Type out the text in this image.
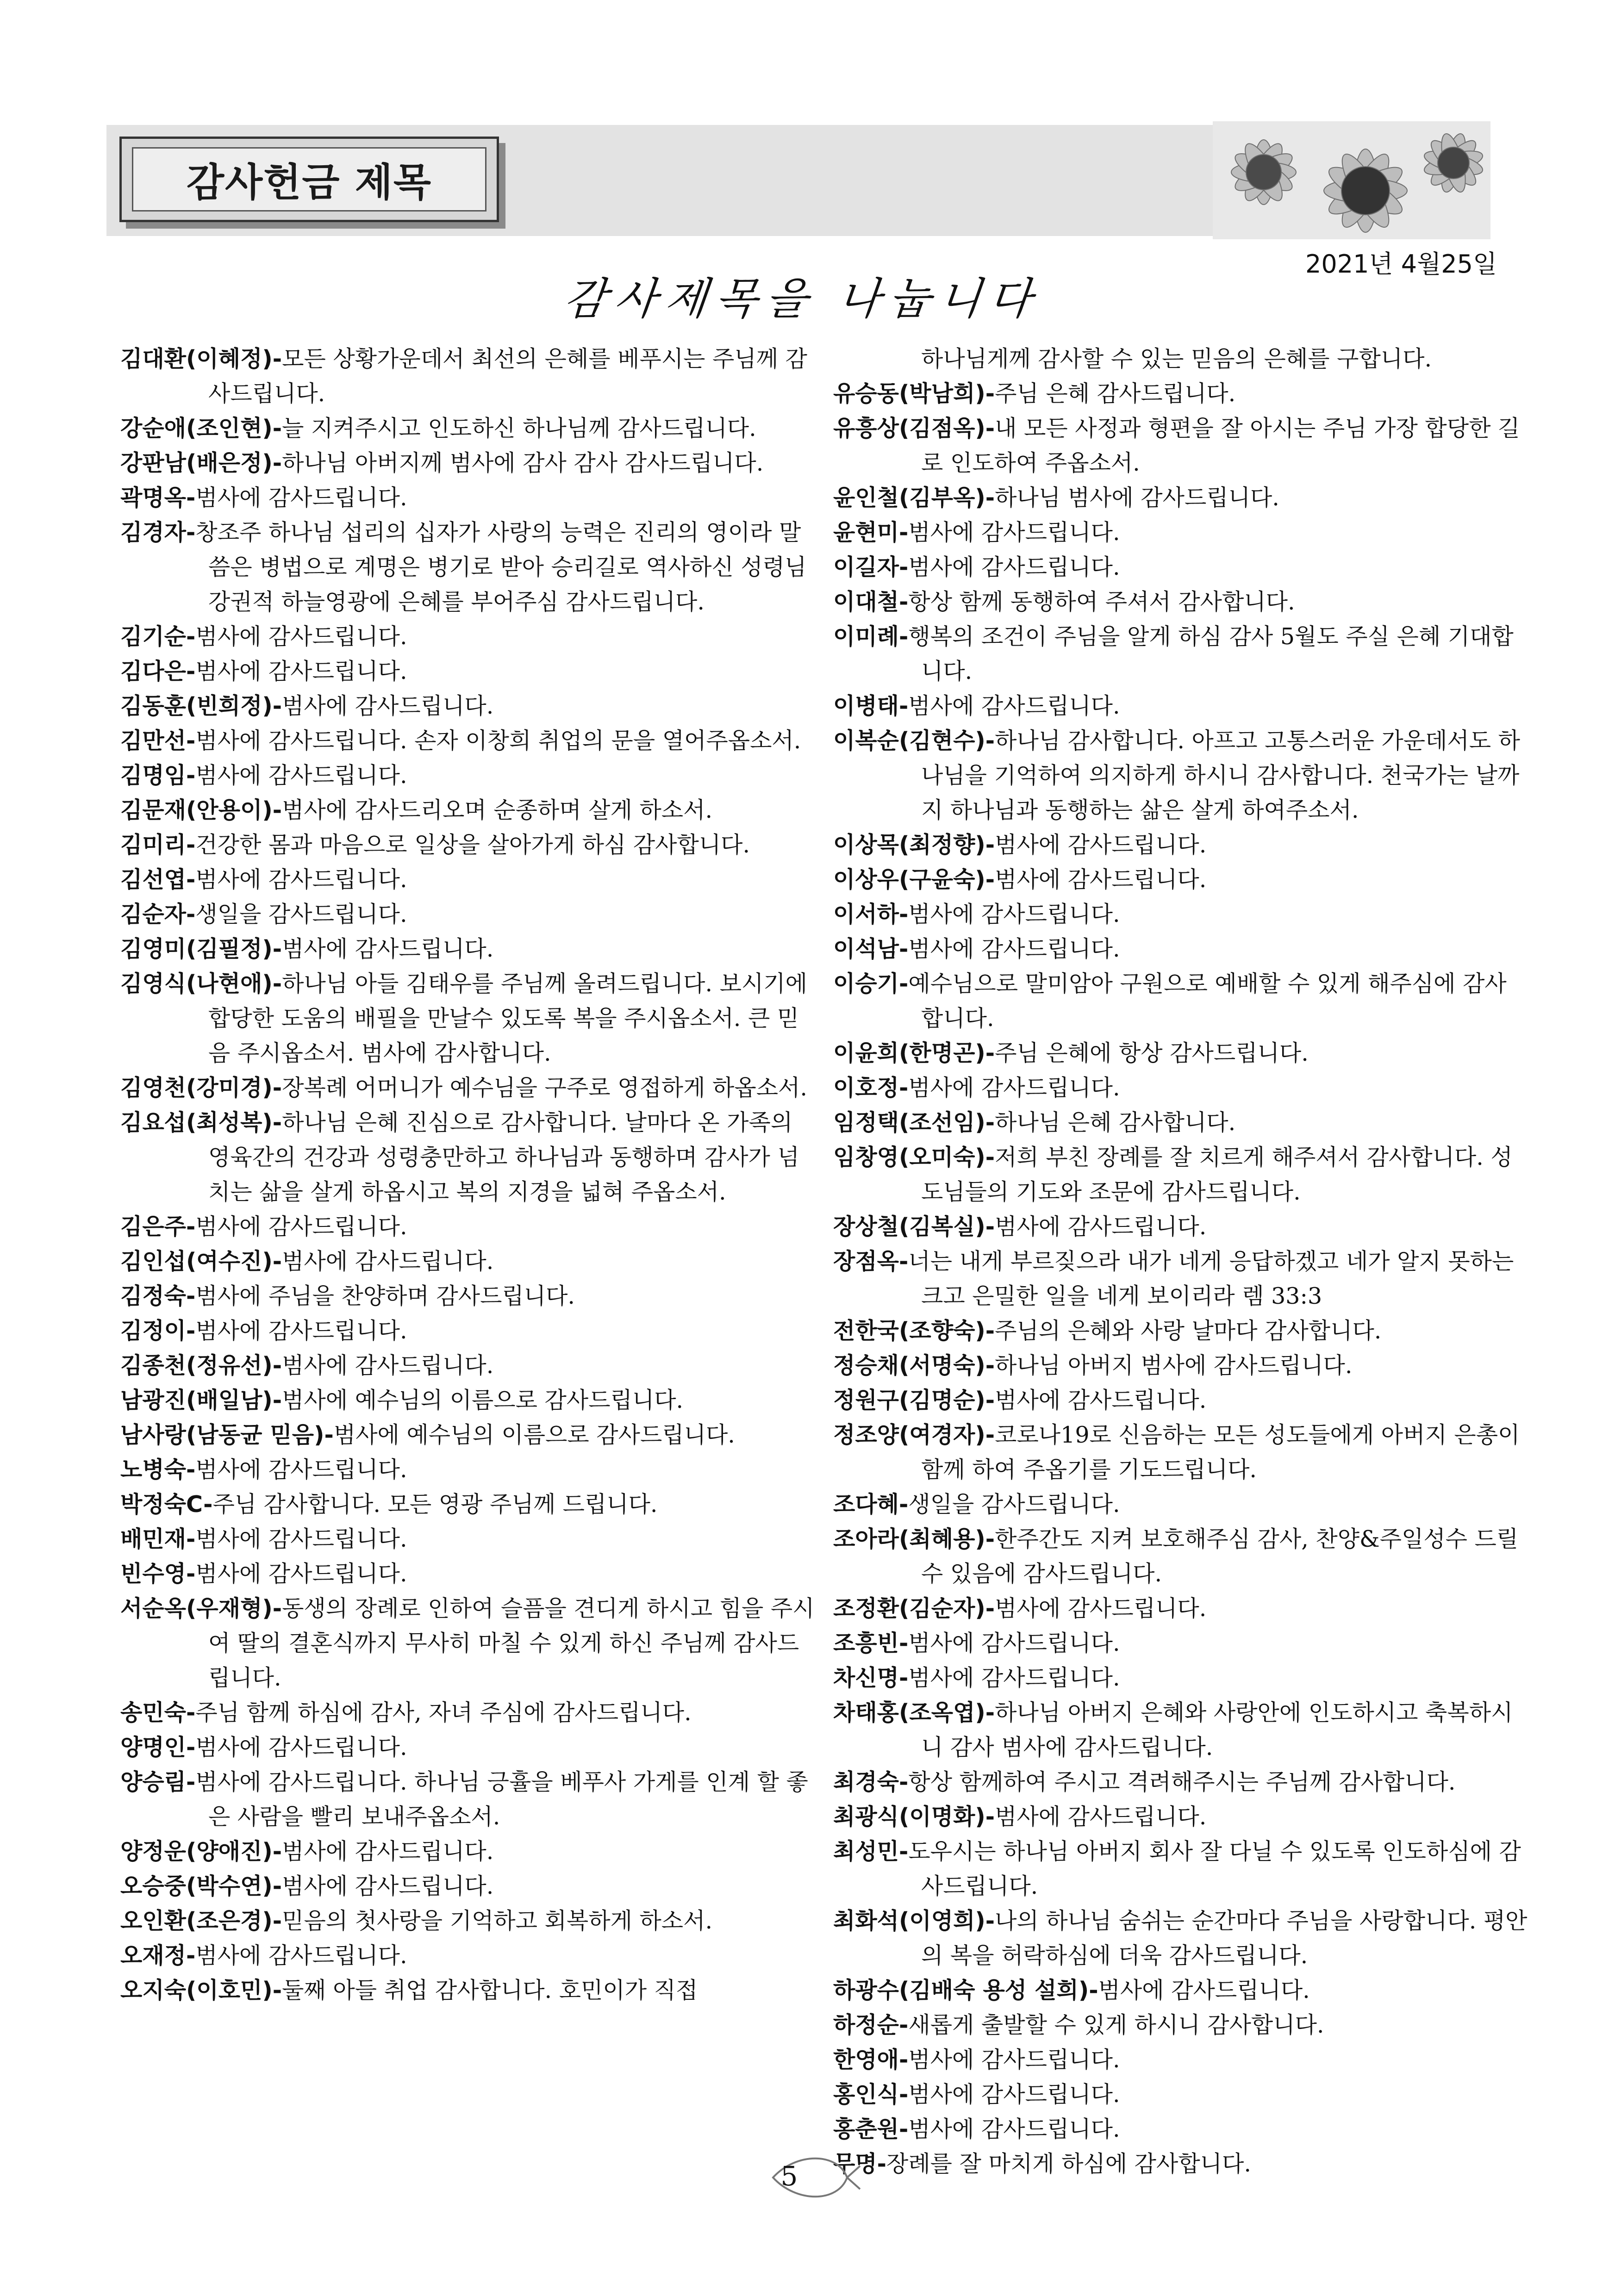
감사헌금 제목
2021년 4월25일
감사제목을 나눕니다

김대환(이혜정)-모든 상황가운데서 최선의 은혜를 베푸시는 주님께 감사드립니다.

강순애(조인현)-늘 지켜주시고 인도하신 하나님께 감사드립니다.

강판남(배은정)-하나님 아버지께 범사에 감사 감사 감사드립니다.

곽명옥-범사에 감사드립니다.

김경자-창조주 하나님 섭리의 십자가 사랑의 능력은 진리의 영이라 말씀은 병법으로 계명은 병기로 받아 승리길로 역사하신 성령님 강권적 하늘영광에 은혜를 부어주심 감사드립니다.

김기순-범사에 감사드립니다.

김다은-범사에 감사드립니다.

김동훈(빈희정)-범사에 감사드립니다.

김만선-범사에 감사드립니다. 손자 이창희 취업의 문을 열어주옵소서.

김명임-범사에 감사드립니다.

김문재(안용이)-범사에 감사드리오며 순종하며 살게 하소서.

김미리-건강한 몸과 마음으로 일상을 살아가게 하심 감사합니다.

김선엽-범사에 감사드립니다.

김순자-생일을 감사드립니다.

김영미(김필정)-범사에 감사드립니다.

김영식(나현애)-하나님 아들 김태우를 주님께 올려드립니다. 보시기에 합당한 도움의 배필을 만날수 있도록 복을 주시옵소서. 큰 믿음 주시옵소서. 범사에 감사합니다.

김영천(강미경)-장복례 어머니가 예수님을 구주로 영접하게 하옵소서.

김요섭(최성복)-하나님 은혜 진심으로 감사합니다. 날마다 온 가족의 영육간의 건강과 성령충만하고 하나님과 동행하며 감사가 넘치는 삶을 살게 하옵시고 복의 지경을 넓혀 주옵소서.

김은주-범사에 감사드립니다.

김인섭(여수진)-범사에 감사드립니다.

김정숙-범사에 주님을 찬양하며 감사드립니다.

김정이-범사에 감사드립니다.

김종천(정유선)-범사에 감사드립니다.

남광진(배일남)-범사에 예수님의 이름으로 감사드립니다.

남사랑(남동균 믿음)-범사에 예수님의 이름으로 감사드립니다.

노병숙-범사에 감사드립니다.

박정숙C-주님 감사합니다. 모든 영광 주님께 드립니다.

배민재-범사에 감사드립니다.

빈수영-범사에 감사드립니다.

서순옥(우재형)-동생의 장례로 인하여 슬픔을 견디게 하시고 힘을 주시여 딸의 결혼식까지 무사히 마칠 수 있게 하신 주님께 감사드립니다.

송민숙-주님 함께 하심에 감사, 자녀 주심에 감사드립니다.

양명인-범사에 감사드립니다.

양승림-범사에 감사드립니다. 하나님 긍휼을 베푸사 가게를 인계 할 좋은 사람을 빨리 보내주옵소서.

양정운(양애진)-범사에 감사드립니다.

오승중(박수연)-범사에 감사드립니다.

오인환(조은경)-믿음의 첫사랑을 기억하고 회복하게 하소서.

오재정-범사에 감사드립니다.

오지숙(이호민)-둘째 아들 취업 감사합니다. 호민이가 직접

하나님게께 감사할 수 있는 믿음의 은혜를 구합니다.

유승동(박남희)-주님 은혜 감사드립니다.

유흥상(김점옥)-내 모든 사정과 형편을 잘 아시는 주님 가장 합당한 길로 인도하여 주옵소서.

윤인철(김부옥)-하나님 범사에 감사드립니다.

윤현미-범사에 감사드립니다.

이길자-범사에 감사드립니다.

이대철-항상 함께 동행하여 주셔서 감사합니다.

이미례-행복의 조건이 주님을 알게 하심 감사 5월도 주실 은혜 기대합니다.

이병태-범사에 감사드립니다.

이복순(김현수)-하나님 감사합니다. 아프고 고통스러운 가운데서도 하나님을 기억하여 의지하게 하시니 감사합니다. 천국가는 날까지 하나님과 동행하는 삶은 살게 하여주소서.

이상목(최정향)-범사에 감사드립니다.

이상우(구윤숙)-범사에 감사드립니다.

이서하-범사에 감사드립니다.

이석남-범사에 감사드립니다.

이승기-예수님으로 말미암아 구원으로 예배할 수 있게 해주심에 감사합니다.

이윤희(한명곤)-주님 은혜에 항상 감사드립니다.

이호정-범사에 감사드립니다.

임정택(조선임)-하나님 은혜 감사합니다.

임창영(오미숙)-저희 부친 장례를 잘 치르게 해주셔서 감사합니다. 성도님들의 기도와 조문에 감사드립니다.

장상철(김복실)-범사에 감사드립니다.

장점옥-너는 내게 부르짖으라 내가 네게 응답하겠고 네가 알지 못하는 크고 은밀한 일을 네게 보이리라 렘 33:3

전한국(조향숙)-주님의 은혜와 사랑 날마다 감사합니다.

정승채(서명숙)-하나님 아버지 범사에 감사드립니다.

정원구(김명순)-범사에 감사드립니다.

정조양(여경자)-코로나19로 신음하는 모든 성도들에게 아버지 은총이 함께 하여 주옵기를 기도드립니다.

조다혜-생일을 감사드립니다.

조아라(최혜용)-한주간도 지켜 보호해주심 감사, 찬양&주일성수 드릴 수 있음에 감사드립니다.

조정환(김순자)-범사에 감사드립니다.

조흥빈-범사에 감사드립니다.

차신명-범사에 감사드립니다.

차태홍(조옥엽)-하나님 아버지 은혜와 사랑안에 인도하시고 축복하시니 감사 범사에 감사드립니다.

최경숙-항상 함께하여 주시고 격려해주시는 주님께 감사합니다.

최광식(이명화)-범사에 감사드립니다.

최성민-도우시는 하나님 아버지 회사 잘 다닐 수 있도록 인도하심에 감사드립니다.

최화석(이영희)-나의 하나님 숨쉬는 순간마다 주님을 사랑합니다. 평안의 복을 허락하심에 더욱 감사드립니다.

하광수(김배숙 용성 설희)-범사에 감사드립니다.

하정순-새롭게 출발할 수 있게 하시니 감사합니다.

한영애-범사에 감사드립니다.

홍인식-범사에 감사드립니다.

홍춘원-범사에 감사드립니다.

무명-장례를 잘 마치게 하심에 감사합니다.

5
